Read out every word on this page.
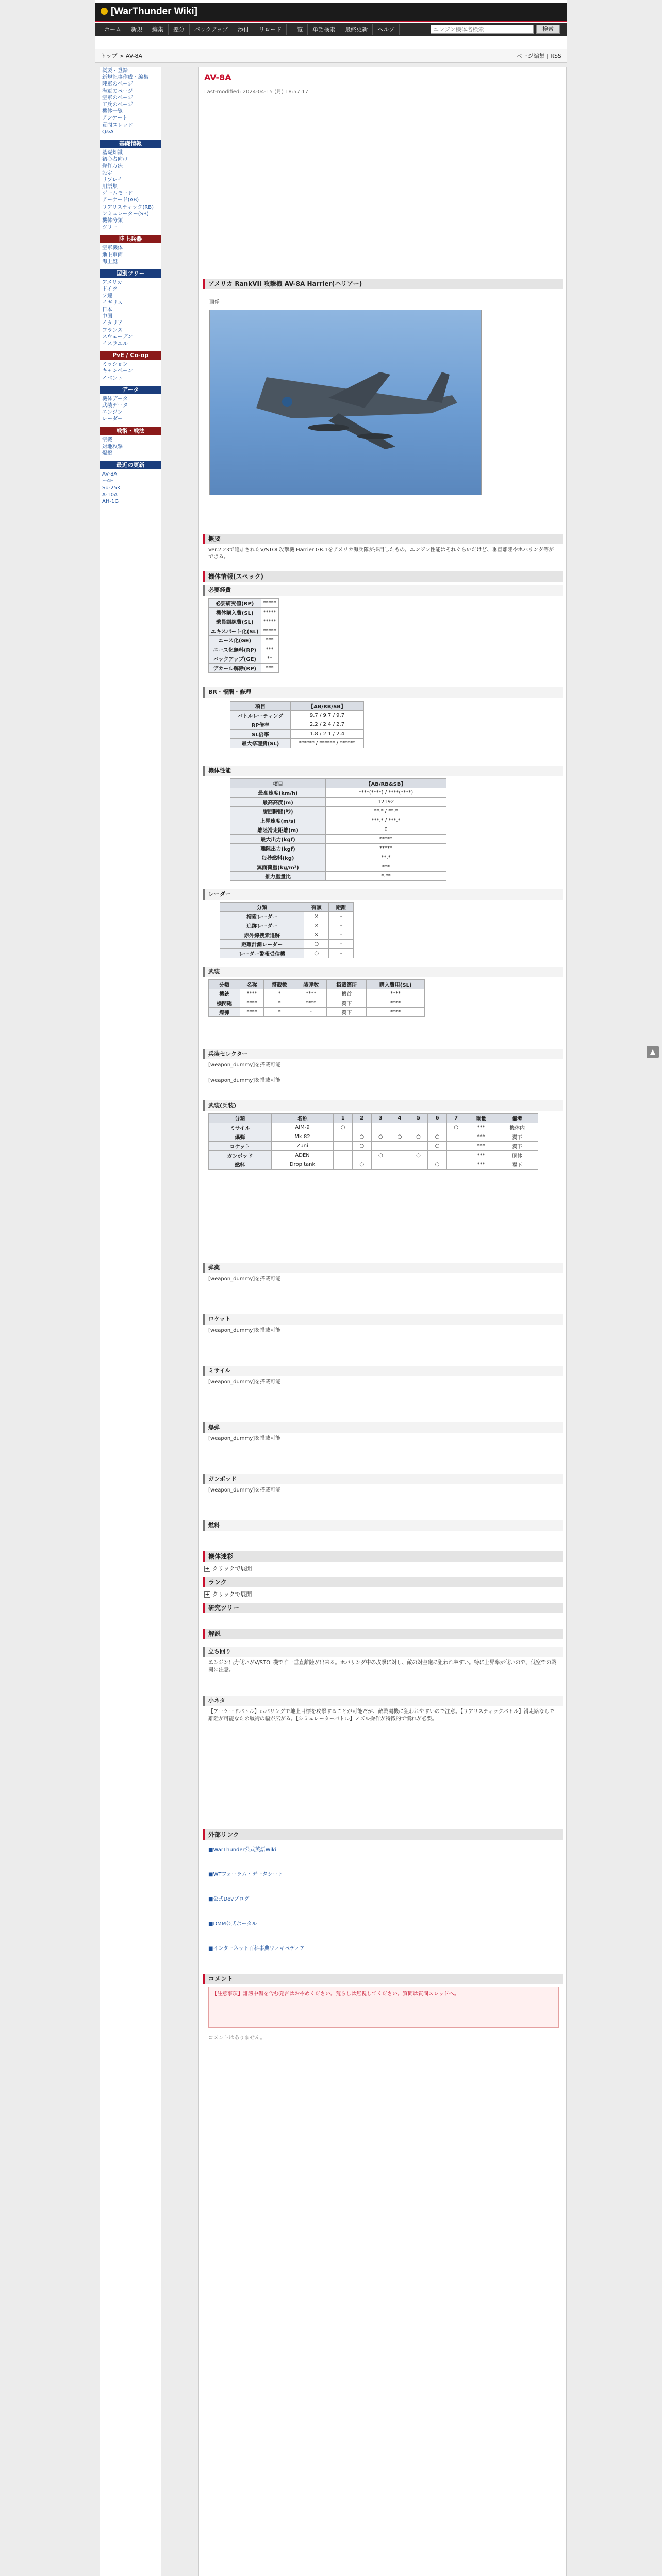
[WarThunder Wiki]
ホーム	新規	編集	差分	バックアップ	添付	リロード	一覧	単語検索	最終更新	ヘルプ
エンジン機体名検索	検索
トップ > AV-8A	ページ編集 | RSS
概要・登録
新規記事作成・編集
陸軍のページ
海軍のページ
空軍のページ
工兵のページ
機体一覧
アンケート
質問スレッド
Q&A
基礎情報
基礎知識
初心者向け
操作方法
設定
リプレイ
用語集
ゲームモード
アーケード(AB)
リアリスティック(RB)
シミュレーター(SB)
機体分類
ツリー
陸上兵器
空軍機体
地上車両
海上艇
国別ツリー
アメリカ
ドイツ
ソ連
イギリス
日本
中国
イタリア
フランス
スウェーデン
イスラエル
PvE / Co-op
ミッション
キャンペーン
イベント
データ
機体データ
武装データ
エンジン
レーダー
戦術・戦法
空戦
対地攻撃
爆撃
最近の更新
AV-8A
F-4E
Su-25K
A-10A
AH-1G
AV-8A
Last-modified: 2024-04-15 (月) 18:57:17
アメリカ RankVII 攻撃機 AV-8A Harrier(ハリアー)
画像
概要
Ver.2.23で追加されたV/STOL攻撃機 Harrier GR.1をアメリカ海兵隊が採用したもの。エンジン性能はそれぐらいだけど、垂直離陸やホバリング等ができる。
機体情報(スペック)
必要経費
必要研究値(RP)	*****
機体購入費(SL)	*****
乗員訓練費(SL)	*****
エキスパート化(SL)	*****
エース化(GE)	***
エース化無料(RP)	***
バックアップ(GE)	**
デカール解除(RP)	***
BR・報酬・修理
項目	【AB/RB/SB】
バトルレーティング	9.7 / 9.7 / 9.7
RP倍率	2.2 / 2.4 / 2.7
SL倍率	1.8 / 2.1 / 2.4
最大修理費(SL)	****** / ****** / ******
機体性能
項目	【AB/RB&SB】
最高速度(km/h)	****(****) / ****(****)
最高高度(m)	12192
旋回時間(秒)	**.* / **.*
上昇速度(m/s)	***.* / ***.*
離陸滑走距離(m)	0
最大出力(kgf)	*****
離陸出力(kgf)	*****
毎秒燃料(kg)	**.*
翼面荷重(kg/m²)	***
推力重量比	*.**
レーダー
分類	有無	距離
捜索レーダー	×	-
追跡レーダー	×	-
赤外線捜索追跡	×	-
距離計測レーダー	○	-
レーダー警報受信機	○	-
武装
分類	名称	搭載数	装弾数	搭載箇所	購入費用(SL)
機銃	****	*	****	機首	****
機関砲	****	*	****	翼下	****
爆弾	****	*	-	翼下	****
兵装セレクター
[weapon_dummy]を搭載可能
[weapon_dummy]を搭載可能
武装(兵装)
分類	名称	1	2	3	4	5	6	7	重量	備考
ミサイル	AIM-9	○						○	***	機体内
爆弾	Mk.82		○	○	○	○	○		***	翼下
ロケット	Zuni		○				○		***	翼下
ガンポッド	ADEN			○		○			***	胴体
燃料	Drop tank		○				○		***	翼下
弾薬
[weapon_dummy]を搭載可能
ロケット
[weapon_dummy]を搭載可能
ミサイル
[weapon_dummy]を搭載可能
爆弾
[weapon_dummy]を搭載可能
ガンポッド
[weapon_dummy]を搭載可能
燃料
機体迷彩
+ クリックで展開
ランク
+ クリックで展開
研究ツリー
解説
立ち回り
エンジン出力低いがV/STOL機で唯一垂直離陸が出来る。ホバリング中の攻撃に対し、敵の対空砲に狙われやすい。特に上昇率が低いので、低空での戦闘に注意。
小ネタ
【アーケードバトル】ホバリングで地上目標を攻撃することが可能だが、敵戦闘機に狙われやすいので注意。【リアリスティックバトル】滑走路なしで離陸が可能なため戦術の幅が広がる。【シミュレーターバトル】ノズル操作が特徴的で慣れが必要。
外部リンク
■WarThunder公式英語Wiki
■WTフォーラム・データシート
■公式Devブログ
■DMM公式ポータル
■インターネット百科事典ウィキペディア
コメント
【注意事項】誹謗中傷を含む発言はおやめください。荒らしは無視してください。質問は質問スレッドへ。
コメントはありません。
▲
